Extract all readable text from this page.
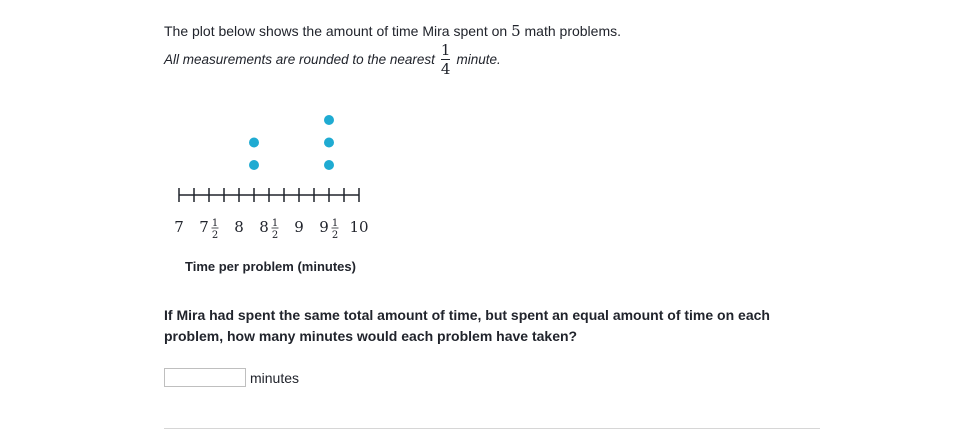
The plot below shows the amount of time Mira spent on 5 math problems.
All measurements are rounded to the nearest $\frac{1}{4}$ minute.
7 7 1
2 8 8 1
2 9 9 1
2 10
Time per problem (minutes)
If Mira had spent the same total amount of time, but spent an equal amount of time on each problem, how many minutes would each problem have taken?
minutes
